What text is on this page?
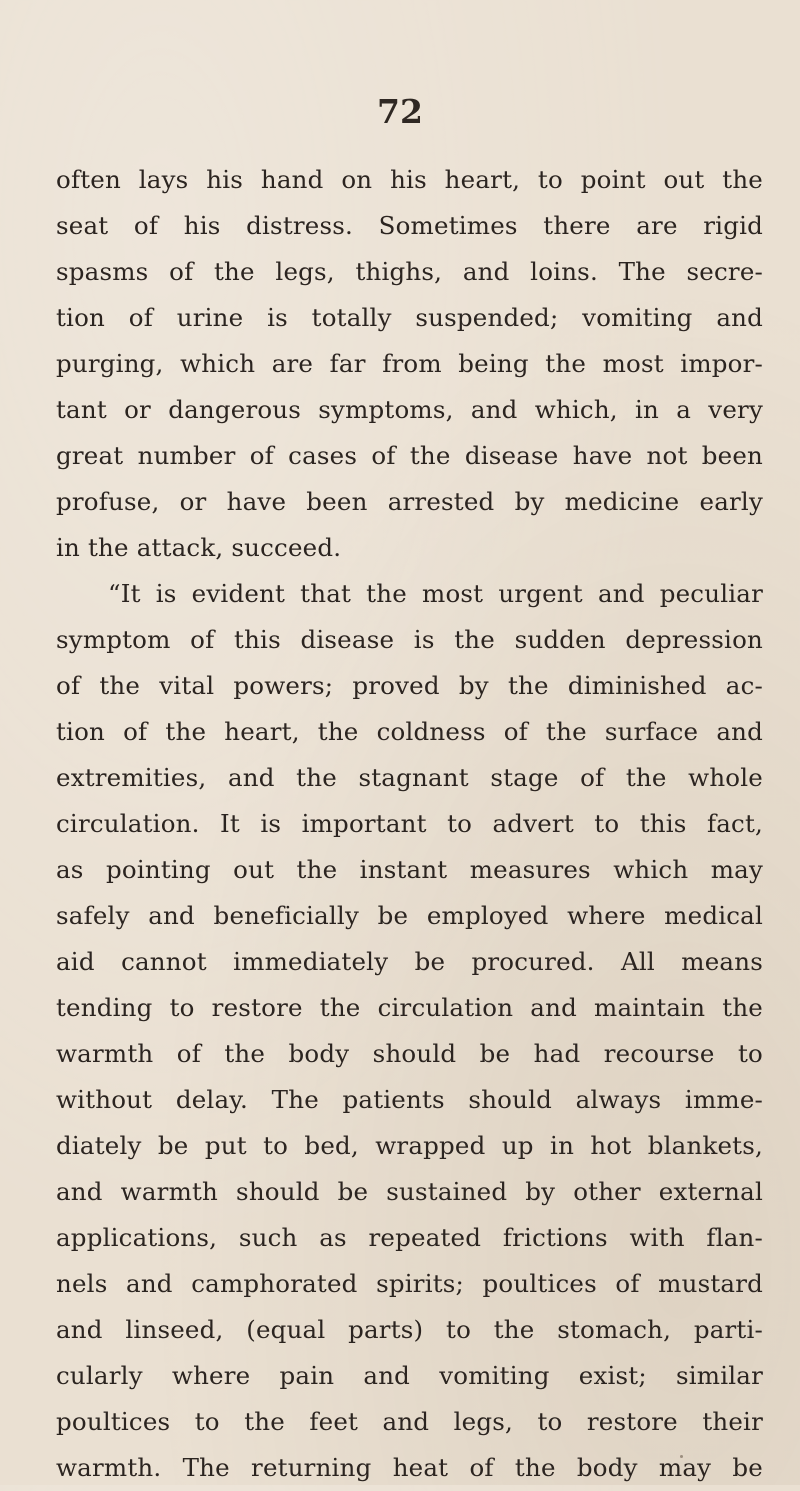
72
often lays his hand on his heart, to point out the
seat of his distress. Sometimes there are rigid
spasms of the legs, thighs, and loins. The secre-
tion of urine is totally suspended; vomiting and
purging, which are far from being the most impor-
tant or dangerous symptoms, and which, in a very
great number of cases of the disease have not been
profuse, or have been arrested by medicine early
in the attack, succeed.
“It is evident that the most urgent and peculiar
symptom of this disease is the sudden depression
of the vital powers; proved by the diminished ac-
tion of the heart, the coldness of the surface and
extremities, and the stagnant stage of the whole
circulation. It is important to advert to this fact,
as pointing out the instant measures which may
safely and beneficially be employed where medical
aid cannot immediately be procured. All means
tending to restore the circulation and maintain the
warmth of the body should be had recourse to
without delay. The patients should always imme-
diately be put to bed, wrapped up in hot blankets,
and warmth should be sustained by other external
applications, such as repeated frictions with flan-
nels and camphorated spirits; poultices of mustard
and linseed, (equal parts) to the stomach, parti-
cularly where pain and vomiting exist; similar
poultices to the feet and legs, to restore their
warmth. The returning heat of the body may be
